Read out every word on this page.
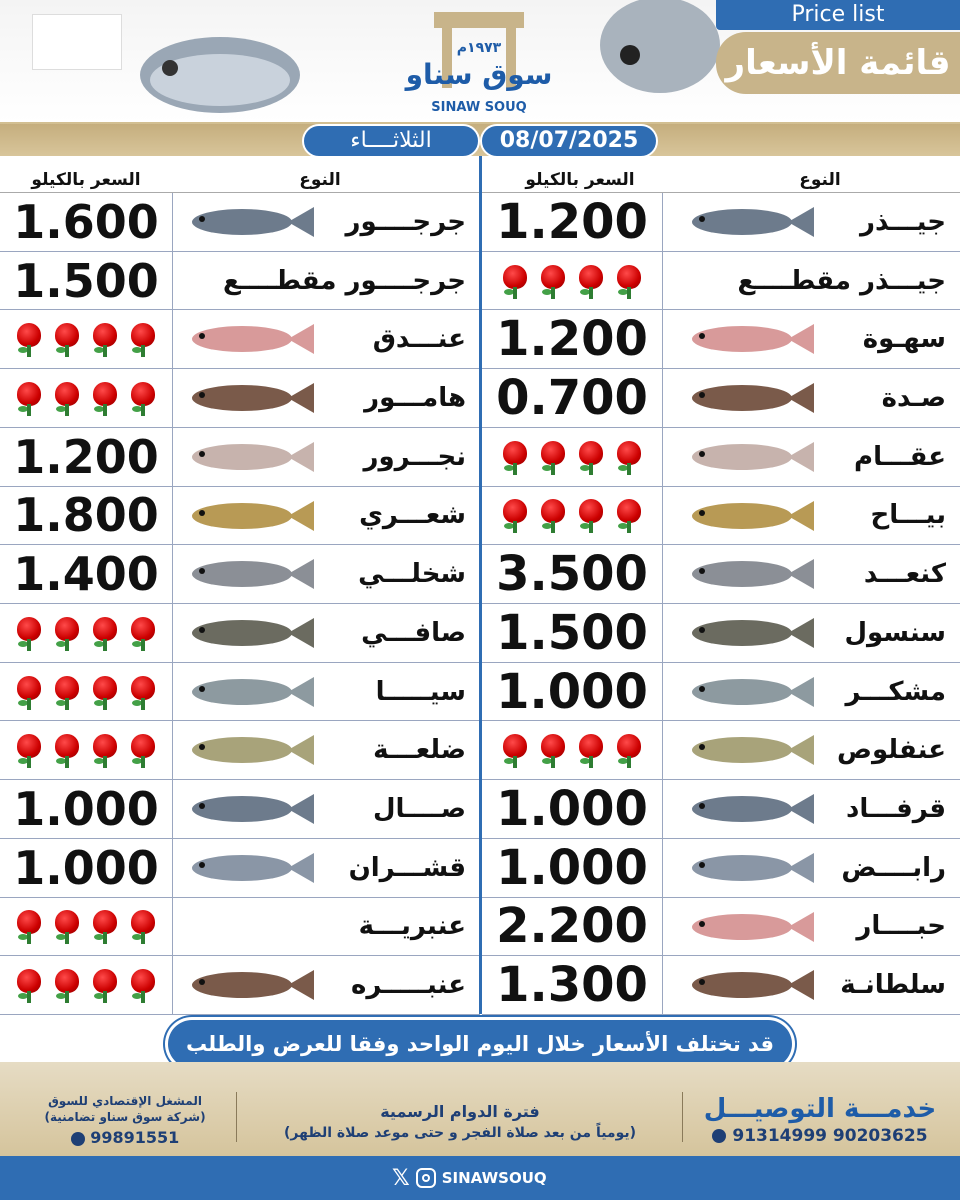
١٩٧٣م
سوق سناو
SINAW SOUQ
Price list
قائمة الأسعار
الثلاثــــاء	08/07/2025
السعر بالكيلو	النوع	السعر بالكيلو	النوع
1.600	جرجــــور
1.500 جرجــــور مقطــــع
عنـــدق
هامـــور
1.200	نجـــرور
1.800	شعـــري
1.400	شخلـــي
صافـــي
سيـــــا
ضلعـــة
1.000	صــــال
1.000	قشـــران
عنبريـــة
عنبـــــره
1.200	جيـــذر
جيـــذر مقطــــع
1.200	سهـوة
0.700	صـدة
عقـــام
بيـــاح
3.500	كنعـــد
1.500	سنسول
1.000	مشكـــر
عنفلوص
1.000	قرفـــاد
1.000	رابــــض
2.200	حبــــار
1.300	سلطانـة
قد تختلف الأسعار خلال اليوم الواحد وفقا للعرض والطلب
خدمـــة التوصيـــل
91314999 90203625
فترة الدوام الرسمية
(يومياً من بعد صلاة الفجر و حتى موعد صلاة الظهر)
المشغل الإقتصادي للسوق
(شركة سوق سناو تضامنية)
99891551
𝕏 SINAWSOUQ
